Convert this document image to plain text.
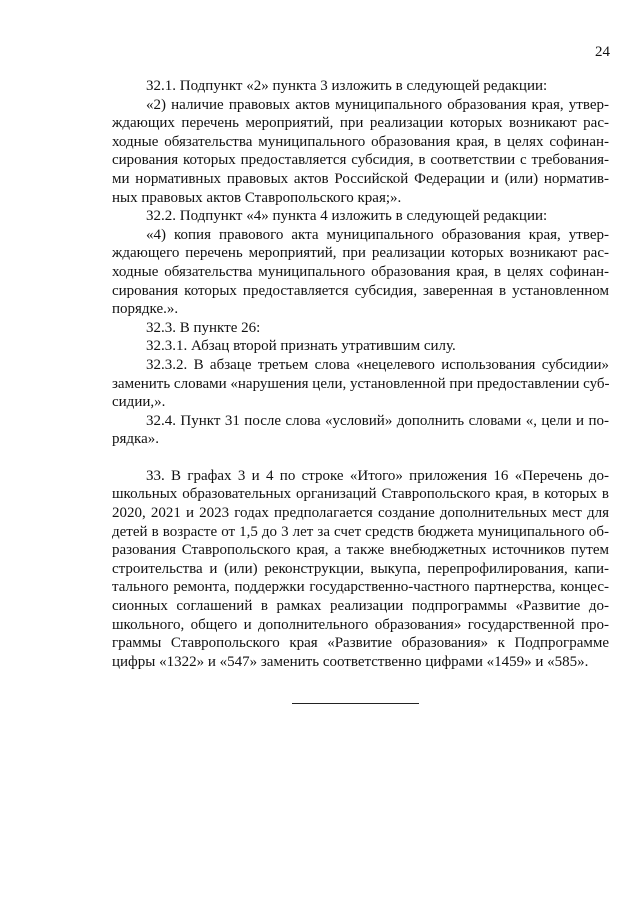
24
32.1. Подпункт «2» пункта 3 изложить в следующей редакции:
«2) наличие правовых актов муниципального образования края, утвер-
ждающих перечень мероприятий, при реализации которых возникают рас-
ходные обязательства муниципального образования края, в целях софинан-
сирования которых предоставляется субсидия, в соответствии с требования-
ми нормативных правовых актов Российской Федерации и (или) норматив-
ных правовых актов Ставропольского края;».
32.2. Подпункт «4» пункта 4 изложить в следующей редакции:
«4) копия правового акта муниципального образования края, утвер-
ждающего перечень мероприятий, при реализации которых возникают рас-
ходные обязательства муниципального образования края, в целях софинан-
сирования которых предоставляется субсидия, заверенная в установленном
порядке.».
32.3. В пункте 26:
32.3.1. Абзац второй признать утратившим силу.
32.3.2. В абзаце третьем слова «нецелевого использования субсидии»
заменить словами «нарушения цели, установленной при предоставлении суб-
сидии,».
32.4. Пункт 31 после слова «условий» дополнить словами «, цели и по-
рядка».
33. В графах 3 и 4 по строке «Итого» приложения 16 «Перечень до-
школьных образовательных организаций Ставропольского края, в которых в
2020, 2021 и 2023 годах предполагается создание дополнительных мест для
детей в возрасте от 1,5 до 3 лет за счет средств бюджета муниципального об-
разования Ставропольского края, а также внебюджетных источников путем
строительства и (или) реконструкции, выкупа, перепрофилирования, капи-
тального ремонта, поддержки государственно-частного партнерства, концес-
сионных соглашений в рамках реализации подпрограммы «Развитие до-
школьного, общего и дополнительного образования» государственной про-
граммы Ставропольского края «Развитие образования» к Подпрограмме
цифры «1322» и «547» заменить соответственно цифрами «1459» и «585».
